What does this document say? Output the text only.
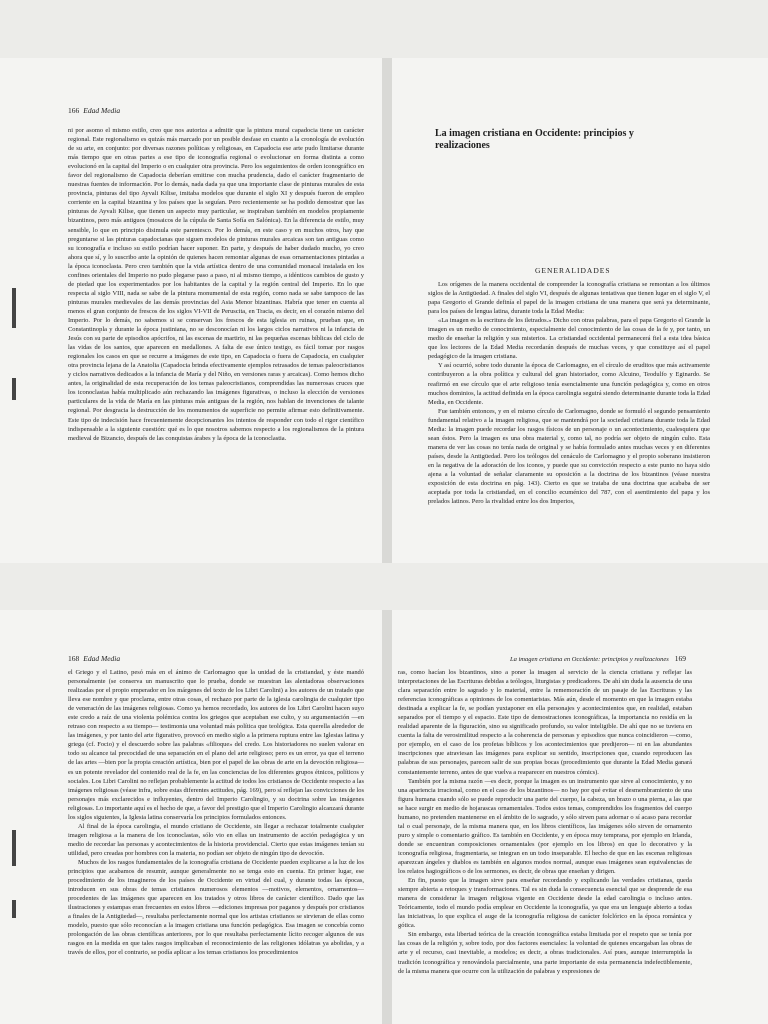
166 Edad Media

ni por asomo el mismo estilo, creo que nos autoriza a admitir que la pintura mural capadocia tiene un carácter regional. Este regionalismo es quizás más marcado por un posible desfase en cuanto a la cronología de evolución de su arte, en conjunto: por diversas razones políticas y religiosas, en Capadocia ese arte pudo limitarse durante más tiempo que en otras partes a ese tipo de iconografía regional o evolucionar en forma distinta a como evolucionó en la capital del Imperio o en cualquier otra provincia. Pero los seguimientos de orden iconográfico en favor del regionalismo de Capadocia deberían emitirse con mucha prudencia, dado el carácter fragmentario de nuestras fuentes de información. Por lo demás, nada dada ya que una importante clase de pinturas murales de esta provincia, pinturas del tipo Ayvali Kilise, imitaba modelos que durante el siglo XI y después fueron de empleo corriente en la capital bizantina y los países que la seguían. Pero recientemente se ha podido demostrar que las pinturas de Ayvali Kilise, que tienen un aspecto muy particular, se inspiraban también en modelos propiamente bizantinos, pero más antiguos (mosaicos de la cúpula de Santa Sofía en Salónica). En la diferencia de estilo, muy sensible, lo que en principio disimula este parentesco. Por lo demás, en este caso y en muchos otros, hay que preguntarse si las pinturas capadocianas que siguen modelos de pinturas murales arcaicas son tan antiguas como su iconografía e incluso su estilo podrían hacer suponer. En parte, y después de haber dudado mucho, yo creo ahora que sí, y lo suscribo ante la opinión de quienes hacen remontar algunas de esas ornamentaciones pintadas a la época iconoclasta. Pero creo también que la vida artística dentro de una comunidad monacal instalada en los confines orientales del Imperio no pudo plegarse paso a paso, ni al mismo tiempo, a idénticos cambios de gusto y de piedad que los experimentados por los habitantes de la capital y la región central del Imperio. En lo que respecta al siglo VIII, nada se sabe de la pintura monumental de esta región, como nada se sabe tampoco de las pinturas murales medievales de las demás provincias del Asia Menor bizantinas. Habría que tener en cuenta al menos el gran conjunto de frescos de los siglos VI-VII de Peruscita, en Tracia, es decir, en el corazón mismo del Imperio. Por lo demás, no sabemos si se conservan los frescos de esta iglesia en ruinas, prueban que, en Constantinopla y durante la época justiniana, no se desconocían ni los largos ciclos narrativos ni la infancia de Jesús con su parte de episodios apócrifos, ni las escenas de martirio, ni las pequeñas escenas bíblicas del ciclo de las vidas de los santos, que aparecen en medallones. A falta de ese único testigo, es fácil tomar por rasgos regionales los casos en que se recurre a imágenes de este tipo, en Capadocia o fuera de Capadocia, en cualquier otra provincia lejana de la Anatolia (Capadocia brinda efectivamente ejemplos retrasados de temas paleocristianos y ciclos narrativos dedicados a la infancia de María y del Niño, en versiones raras y arcaicas). Como hemos dicho antes, la originalidad de esta recuperación de los temas paleocristianos, comprendidas las numerosas cruces que los iconoclastas había multiplicado aún rechazando las imágenes figurativas, o incluso la elección de versiones particulares de la vida de María en las pinturas más antiguas de la región, nos hablan de invenciones de talante regional. Por desgracia la destrucción de los monumentos de superficie no permite afirmar esto definitivamente. Este tipo de indecisión hace frecuentemente decepcionantes los intentos de responder con todo el rigor científico indispensable a la siguiente cuestión: qué es lo que nosotros sabemos respecto a los regionalismos de la pintura medieval de Bizancio, después de las conquistas árabes y la época de la iconoclastia.

La imagen cristiana en Occidente: principios y realizaciones
GENERALIDADES

Los orígenes de la manera occidental de comprender la iconografía cristiana se remontan a los últimos siglos de la Antigüedad. A finales del siglo VI, después de algunas tentativas que tienen lugar en el siglo V, el papa Gregorio el Grande definía el papel de la imagen cristiana de una manera que será ya determinante, para los países de lengua latina, durante toda la Edad Media:

«La imagen es la escritura de los iletrados.» Dicho con otras palabras, para el papa Gregorio el Grande la imagen es un medio de conocimiento, especialmente del conocimiento de las cosas de la fe y, por tanto, un medio de enseñar la religión y sus misterios. La cristiandad occidental permanecerá fiel a esta idea básica que los lectores de la Edad Media recordarán después de muchas veces, y que constituye así el papel pedagógico de la imagen cristiana.

Y así ocurrió, sobre todo durante la época de Carlomagno, en el círculo de eruditos que más activamente contribuyeron a la obra política y cultural del gran historiador, como Alcuino, Teodulfo y Eginardo. Se reafirmó en ese círculo que el arte religioso tenía esencialmente una función pedagógica y, como en otros muchos dominios, la actitud definida en la época carolingia seguirá siendo determinante durante toda la Edad Media, en Occidente.

Fue también entonces, y en el mismo círculo de Carlomagno, donde se formuló el segundo pensamiento fundamental relativo a la imagen religiosa, que se mantendrá por la sociedad cristiana durante toda la Edad Media: la imagen puede recordar los rasgos físicos de un personaje o un acontecimiento, cualesquiera que sean éstos. Pero la imagen es una obra material y, como tal, no podría ser objeto de ningún culto. Esta manera de ver las cosas no tenía nada de original y se había formulado antes muchas veces y en diferentes países, desde la Antigüedad. Pero los teólogos del cenáculo de Carlomagno y el propio soberano insistieron en la negativa de la adoración de los iconos, y puede que su convicción respecto a este punto no haya sido ajena a la voluntad de señalar claramente su oposición a la doctrina de los bizantinos (véase nuestra exposición de esta doctrina en pág. 143). Cierto es que se trataba de una doctrina que acababa de ser aceptada por toda la cristiandad, en el concilio ecuménico del 787, con el asentimiento del papa y los prelados latinos. Pero la rivalidad entre los dos Imperios,

168 Edad Media	La imagen cristiana en Occidente: principios y realizaciones 169

el Griego y el Latino, pesó más en el ánimo de Carlomagno que la unidad de la cristiandad, y éste mandó personalmente (se conserva un manuscrito que lo prueba, donde se muestran las alentadoras observaciones realizadas por el propio emperador en los márgenes del texto de los Libri Carolini) a los autores de un tratado que lleva ese nombre y que proclama, entre otras cosas, el rechazo por parte de la iglesia carolingia de cualquier tipo de veneración de las imágenes religiosas. Como ya hemos recordado, los autores de los Libri Carolini hacen suyo este credo a raíz de una violenta polémica contra los griegos que aceptaban ese culto, y su argumentación —en retraso con respecto a su tiempo— testimonia una voluntad más política que teológica. Esta querella alrededor de las imágenes, y por tanto del arte figurativo, provocó en medio siglo a la primera ruptura entre las Iglesias latina y griega (cf. Focio) y el descuerdo sobre las palabras «filioque» del credo. Los historiadores no suelen valorar en todo su alcance tal precocidad de una separación en el plano del arte religioso; pero es un error, ya que el terreno de las artes —bien por la propia creación artística, bien por el papel de las obras de arte en la devoción religiosa— es un potente revelador del contenido real de la fe, en las conciencias de los diferentes grupos étnicos, políticos y sociales. Los Libri Carolini no reflejan probablemente la actitud de todos los cristianos de Occidente respecto a las imágenes religiosas (véase infra, sobre estas diferentes actitudes, pág. 169), pero sí reflejan las convicciones de los personajes más exclarecidos e influyentes, dentro del Imperio Carolingio, y su doctrina sobre las imágenes religiosas. Lo importante aquí es el hecho de que, a favor del prestigio que el Imperio Carolingio alcanzará durante los siglos siguientes, la Iglesia latina conservaría los principios formulados entonces.

Al final de la época carolingia, el mundo cristiano de Occidente, sin llegar a rechazar totalmente cualquier imagen religiosa a la manera de los iconoclastas, sólo vio en ellas un instrumento de acción pedagógica y un medio de recordar las personas y acontecimientos de la historia providencial. Cierto que estas imágenes tenían su utilidad, pero creadas por hombres con la materia, no podían ser objeto de ningún tipo de devoción.

Muchos de los rasgos fundamentales de la iconografía cristiana de Occidente pueden explicarse a la luz de los principios que acabamos de resumir, aunque generalmente no se tenga esto en cuenta. En primer lugar, ese procedimiento de los imagineros de los países de Occidente en virtud del cual, y durante todas las épocas, introducen en sus obras de temas cristianos numerosos elementos —motivos, elementos, ornamentos— procedentes de las imágenes que aparecen en los tratados y otros libros de carácter científico. Dado que las ilustraciones y estampas eran frecuentes en estos libros —ediciones impresas por paganos y después por cristianos a finales de la Antigüedad—, resultaba perfectamente normal que los artistas cristianos se sirvieran de ellas como modelo, puesto que sólo reconocían a la imagen cristiana una función pedagógica. Esa imagen se concebía como prolongación de las obras científicas anteriores, por lo que resultaba perfectamente lícito recoger algunos de sus rasgos en la medida en que tales rasgos implicaban el reconocimiento de las religiones idólatras ya abolidas, y a través de ellos, por el contrario, se podía aplicar a los temas cristianos los procedimientos

ras, como hacían los bizantinos, sino a poner la imagen al servicio de la ciencia cristiana y reflejar las interpretaciones de las Escrituras debidas a teólogos, liturgistas y predicadores. De ahí sin duda la ausencia de una clara separación entre lo sagrado y lo material, entre la rememoración de un pasaje de las Escrituras y las referencias iconográficas a opiniones de los comentaristas. Más aún, desde el momento en que la imagen estaba destinada a explicar la fe, se podían yuxtaponer en ella personajes y acontecimientos que, en realidad, estaban separados por el tiempo y el espacio. Este tipo de demostraciones iconográficas, la importancia no residía en la realidad aparente de la figuración, sino su significado profundo, su valor inteligible. De ahí que no se tuviera en cuenta la falta de verosimilitud respecto a la coherencia de personas y episodios que nunca coincidieron —como, por ejemplo, en el caso de los profetas bíblicos y los acontecimientos que predijeron— ni en las abundantes inscripciones que atraviesan las imágenes para explicar su sentido, inscripciones que, cuando reproducen las palabras de sus personajes, parecen salir de sus propias bocas (procedimiento que durante la Edad Media ganará constantemente terreno, antes de que vuelva a reaparecer en nuestros cómics).

También por la misma razón —es decir, porque la imagen es un instrumento que sirve al conocimiento, y no una apariencia irracional, como en el caso de los bizantinos— no hay por qué evitar el desmembramiento de una figura humana cuando sólo se puede reproducir una parte del cuerpo, la cabeza, un brazo o una pierna, a las que se hace surgir en medio de hojarascas ornamentales. Todos estos temas, comprendidos los fragmentos del cuerpo humano, no pretenden mantenerse en el ámbito de lo sagrado, y sólo sirven para adornar o sí acaso para recordar tal o cual personaje, de la misma manera que, en los libros científicos, las imágenes sólo sirven de ornamento puro y simple o comentario gráfico. Es también en Occidente, y en época muy temprana, por ejemplo en Irlanda, donde se encuentran composiciones ornamentales (por ejemplo en los libros) en que lo decorativo y la iconografía religiosa, fragmentaria, se integran en un todo inseparable. El hecho de que en las escenas religiosas aparezcan ángeles y diablos es también en algunos modos normal, aunque esas imágenes sean equivalencias de los relatos hagiográficos o de los sermones, es decir, de obras que enseñan y dirigen.

En fin, puesto que la imagen sirve para enseñar recordando y explicando las verdades cristianas, queda siempre abierta a retoques y transformaciones. Tal es sin duda la consecuencia esencial que se desprende de esa manera de considerar la imagen religiosa vigente en Occidente desde la edad carolingia o incluso antes. Teóricamente, todo el mundo podía emplear en Occidente la iconografía, ya que era un lenguaje abierto a todas las iniciativas, lo que explica el auge de la iconografía religiosa de carácter folclórico en la época románica y gótica.

Sin embargo, esta libertad teórica de la creación iconográfica estaba limitada por el respeto que se tenía por las cosas de la religión y, sobre todo, por dos factores esenciales: la voluntad de quienes encargaban las obras de arte y el recurso, casi inevitable, a modelos; es decir, a obras tradicionales. Así pues, aunque interrumpida la tradición iconográfica y renovándola parcialmente, una parte importante de esta permanencia indefectiblemente, de la misma manera que ocurre con la utilización de palabras y expresiones de
